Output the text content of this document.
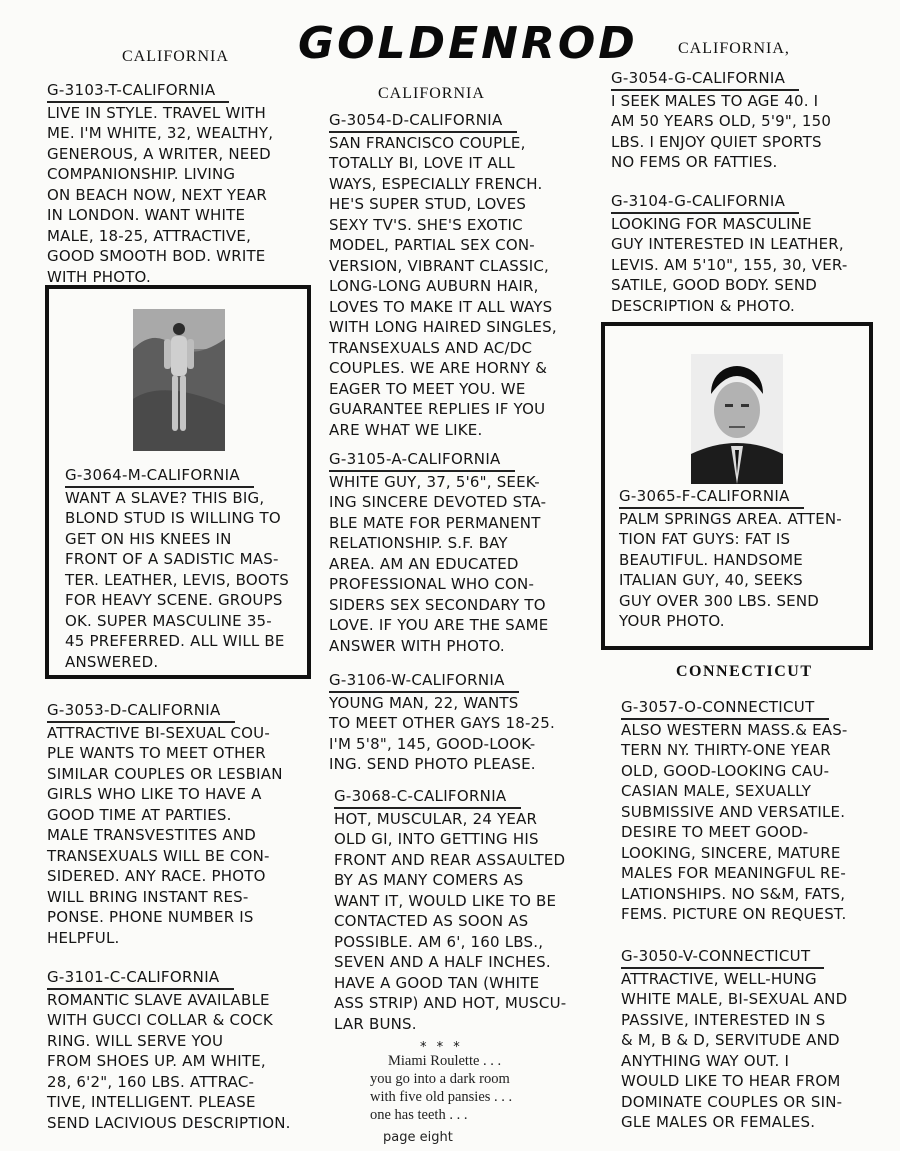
CALIFORNIA GOLDENROD	CALIFORNIA,
CALIFORNIA
G-3103-T-CALIFORNIA
LIVE IN STYLE. TRAVEL WITH
ME. I'M WHITE, 32, WEALTHY,
GENEROUS, A WRITER, NEED
COMPANIONSHIP. LIVING
ON BEACH NOW, NEXT YEAR
IN LONDON. WANT WHITE
MALE, 18-25, ATTRACTIVE,
GOOD SMOOTH BOD. WRITE
WITH PHOTO.
G-3064-M-CALIFORNIA
WANT A SLAVE? THIS BIG,
BLOND STUD IS WILLING TO
GET ON HIS KNEES IN
FRONT OF A SADISTIC MAS-
TER. LEATHER, LEVIS, BOOTS
FOR HEAVY SCENE. GROUPS
OK. SUPER MASCULINE 35-
45 PREFERRED. ALL WILL BE
ANSWERED.
G-3053-D-CALIFORNIA
ATTRACTIVE BI-SEXUAL COU-
PLE WANTS TO MEET OTHER
SIMILAR COUPLES OR LESBIAN
GIRLS WHO LIKE TO HAVE A
GOOD TIME AT PARTIES.
MALE TRANSVESTITES AND
TRANSEXUALS WILL BE CON-
SIDERED. ANY RACE. PHOTO
WILL BRING INSTANT RES-
PONSE. PHONE NUMBER IS
HELPFUL.
G-3101-C-CALIFORNIA
ROMANTIC SLAVE AVAILABLE
WITH GUCCI COLLAR & COCK
RING. WILL SERVE YOU
FROM SHOES UP. AM WHITE,
28, 6'2", 160 LBS. ATTRAC-
TIVE, INTELLIGENT. PLEASE
SEND LACIVIOUS DESCRIPTION.
G-3054-D-CALIFORNIA
SAN FRANCISCO COUPLE,
TOTALLY BI, LOVE IT ALL
WAYS, ESPECIALLY FRENCH.
HE'S SUPER STUD, LOVES
SEXY TV'S. SHE'S EXOTIC
MODEL, PARTIAL SEX CON-
VERSION, VIBRANT CLASSIC,
LONG-LONG AUBURN HAIR,
LOVES TO MAKE IT ALL WAYS
WITH LONG HAIRED SINGLES,
TRANSEXUALS AND AC/DC
COUPLES. WE ARE HORNY &
EAGER TO MEET YOU. WE
GUARANTEE REPLIES IF YOU
ARE WHAT WE LIKE.
G-3105-A-CALIFORNIA
WHITE GUY, 37, 5'6", SEEK-
ING SINCERE DEVOTED STA-
BLE MATE FOR PERMANENT
RELATIONSHIP. S.F. BAY
AREA. AM AN EDUCATED
PROFESSIONAL WHO CON-
SIDERS SEX SECONDARY TO
LOVE. IF YOU ARE THE SAME
ANSWER WITH PHOTO.
G-3106-W-CALIFORNIA
YOUNG MAN, 22, WANTS
TO MEET OTHER GAYS 18-25.
I'M 5'8", 145, GOOD-LOOK-
ING. SEND PHOTO PLEASE.
G-3068-C-CALIFORNIA
HOT, MUSCULAR, 24 YEAR
OLD GI, INTO GETTING HIS
FRONT AND REAR ASSAULTED
BY AS MANY COMERS AS
WANT IT, WOULD LIKE TO BE
CONTACTED AS SOON AS
POSSIBLE. AM 6', 160 LBS.,
SEVEN AND A HALF INCHES.
HAVE A GOOD TAN (WHITE
ASS STRIP) AND HOT, MUSCU-
LAR BUNS.
* * *
Miami Roulette . . .
you go into a dark room
with five old pansies . . .
one has teeth . . .
page eight
G-3054-G-CALIFORNIA
I SEEK MALES TO AGE 40. I
AM 50 YEARS OLD, 5'9", 150
LBS. I ENJOY QUIET SPORTS
NO FEMS OR FATTIES.
G-3104-G-CALIFORNIA
LOOKING FOR MASCULINE
GUY INTERESTED IN LEATHER,
LEVIS. AM 5'10", 155, 30, VER-
SATILE, GOOD BODY. SEND
DESCRIPTION & PHOTO.
G-3065-F-CALIFORNIA
PALM SPRINGS AREA. ATTEN-
TION FAT GUYS: FAT IS
BEAUTIFUL. HANDSOME
ITALIAN GUY, 40, SEEKS
GUY OVER 300 LBS. SEND
YOUR PHOTO.
CONNECTICUT
G-3057-O-CONNECTICUT
ALSO WESTERN MASS.& EAS-
TERN NY. THIRTY-ONE YEAR
OLD, GOOD-LOOKING CAU-
CASIAN MALE, SEXUALLY
SUBMISSIVE AND VERSATILE.
DESIRE TO MEET GOOD-
LOOKING, SINCERE, MATURE
MALES FOR MEANINGFUL RE-
LATIONSHIPS. NO S&M, FATS,
FEMS. PICTURE ON REQUEST.
G-3050-V-CONNECTICUT
ATTRACTIVE, WELL-HUNG
WHITE MALE, BI-SEXUAL AND
PASSIVE, INTERESTED IN S
& M, B & D, SERVITUDE AND
ANYTHING WAY OUT. I
WOULD LIKE TO HEAR FROM
DOMINATE COUPLES OR SIN-
GLE MALES OR FEMALES.
